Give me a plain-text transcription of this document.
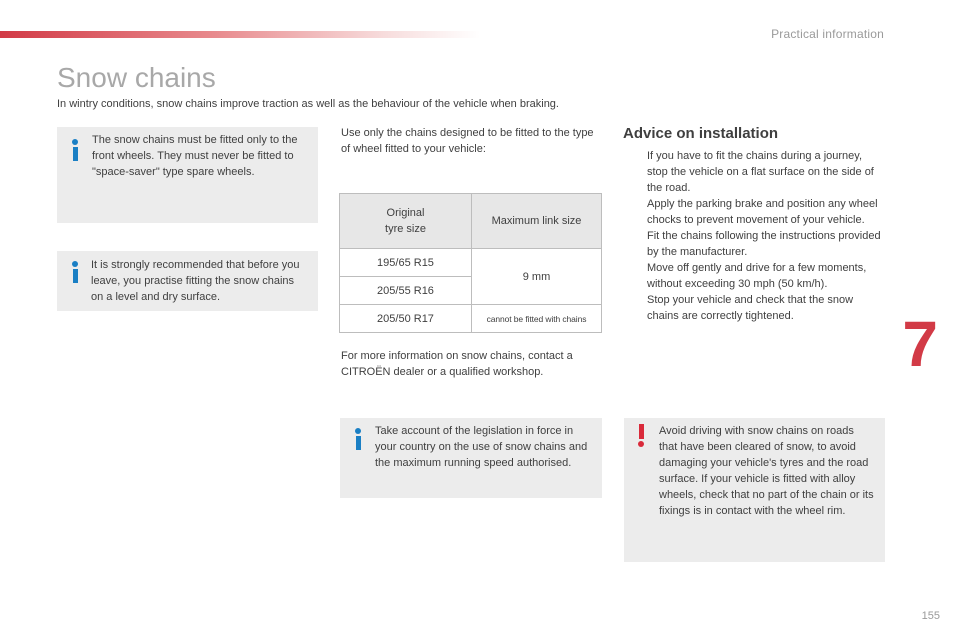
Practical information
Snow chains
In wintry conditions, snow chains improve traction as well as the behaviour of the vehicle when braking.
The snow chains must be fitted only to the front wheels. They must never be fitted to "space-saver" type spare wheels.
It is strongly recommended that before you leave, you practise fitting the snow chains on a level and dry surface.

Use only the chains designed to be fitted to the type of wheel fitted to your vehicle:

Original
tyre size	Maximum link size
195/65 R15	9 mm
205/55 R16	
205/50 R17	cannot be fitted with chains

For more information on snow chains, contact a CITROËN dealer or a qualified workshop.

Take account of the legislation in force in your country on the use of snow chains and the maximum running speed authorised.
Advice on installation
If you have to fit the chains during a journey, stop the vehicle on a flat surface on the side of the road.
Apply the parking brake and position any wheel chocks to prevent movement of your vehicle.
Fit the chains following the instructions provided by the manufacturer.
Move off gently and drive for a few moments, without exceeding 30 mph (50 km/h).
Stop your vehicle and check that the snow chains are correctly tightened.
Avoid driving with snow chains on roads that have been cleared of snow, to avoid damaging your vehicle's tyres and the road surface. If your vehicle is fitted with alloy wheels, check that no part of the chain or its fixings is in contact with the wheel rim.
7
155
